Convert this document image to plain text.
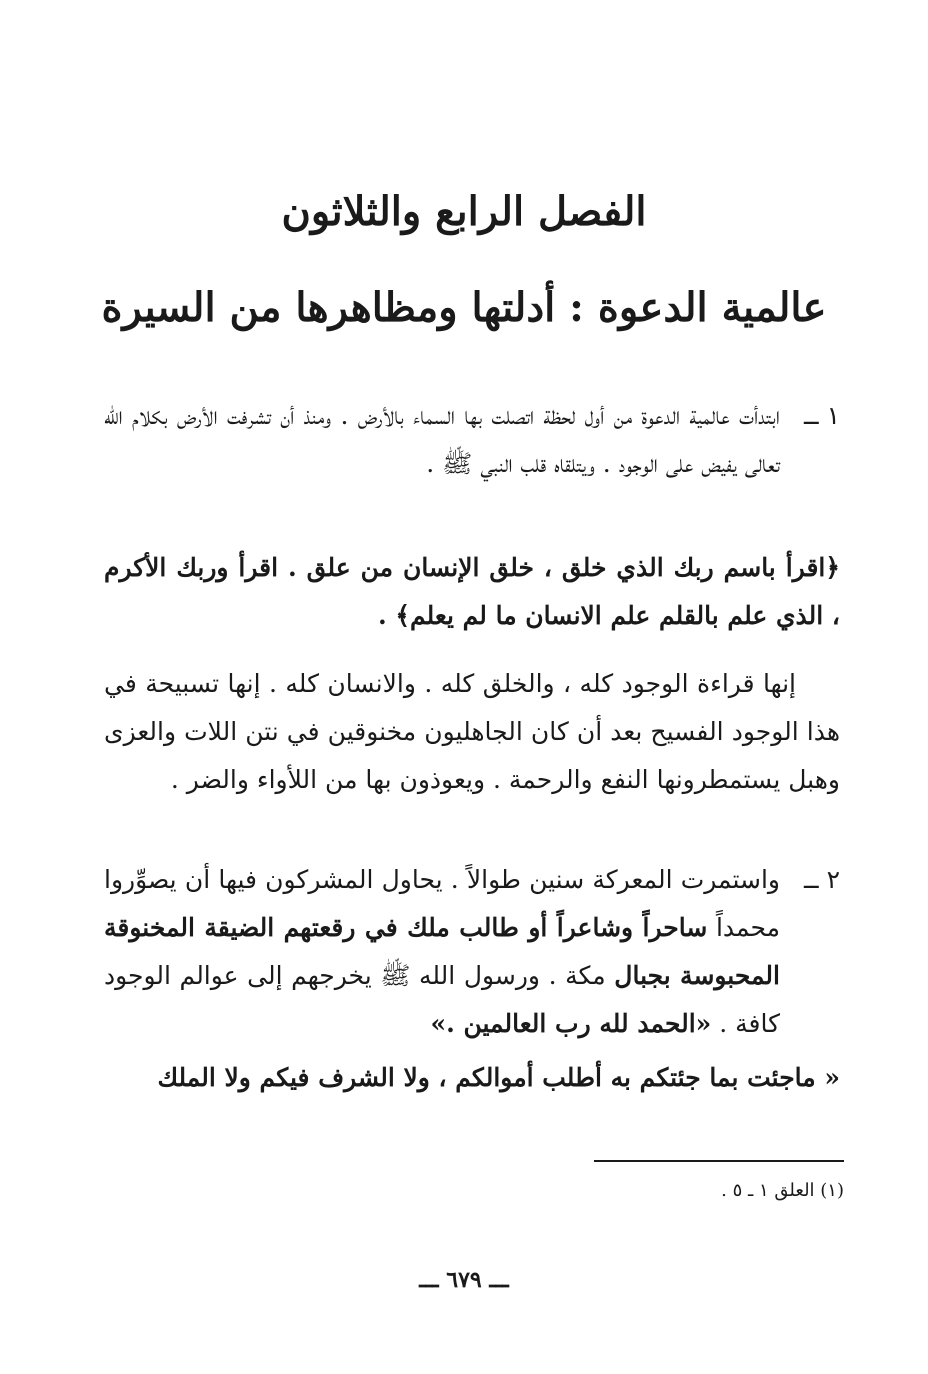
الفصل الرابع والثلاثون
عالمية الدعوة : أدلتها ومظاهرها من السيرة
١ ــ
ابتدأت عالمية الدعوة من أول لحظة اتصلت بها السماء بالأرض . ومنذ أن تشرفت الأرض بكلام الله تعالى يفيض على الوجود . ويتلقاه قلب النبي ﷺ .

﴿اقرأ باسم ربك الذي خلق ، خلق الإنسان من علق . اقرأ وربك الأكرم ، الذي علم بالقلم علم الانسان ما لم يعلم﴾ .

إنها قراءة الوجود كله ، والخلق كله . والانسان كله . إنها تسبيحة في هذا الوجود الفسيح بعد أن كان الجاهليون مخنوقين في نتن اللات والعزى وهبل يستمطرونها النفع والرحمة . ويعوذون بها من اللأواء والضر .

٢ ــ
واستمرت المعركة سنين طوالاً . يحاول المشركون فيها أن يصوِّروا محمداً ساحراً وشاعراً أو طالب ملك في رقعتهم الضيقة المخنوقة المحبوسة بجبال مكة . ورسول الله ﷺ يخرجهم إلى عوالم الوجود كافة . «الحمد لله رب العالمين .»

« ماجئت بما جئتكم به أطلب أموالكم ، ولا الشرف فيكم ولا الملك

(١) العلق ١ ـ ٥ .
ـــ ٦٧٩ ـــ
